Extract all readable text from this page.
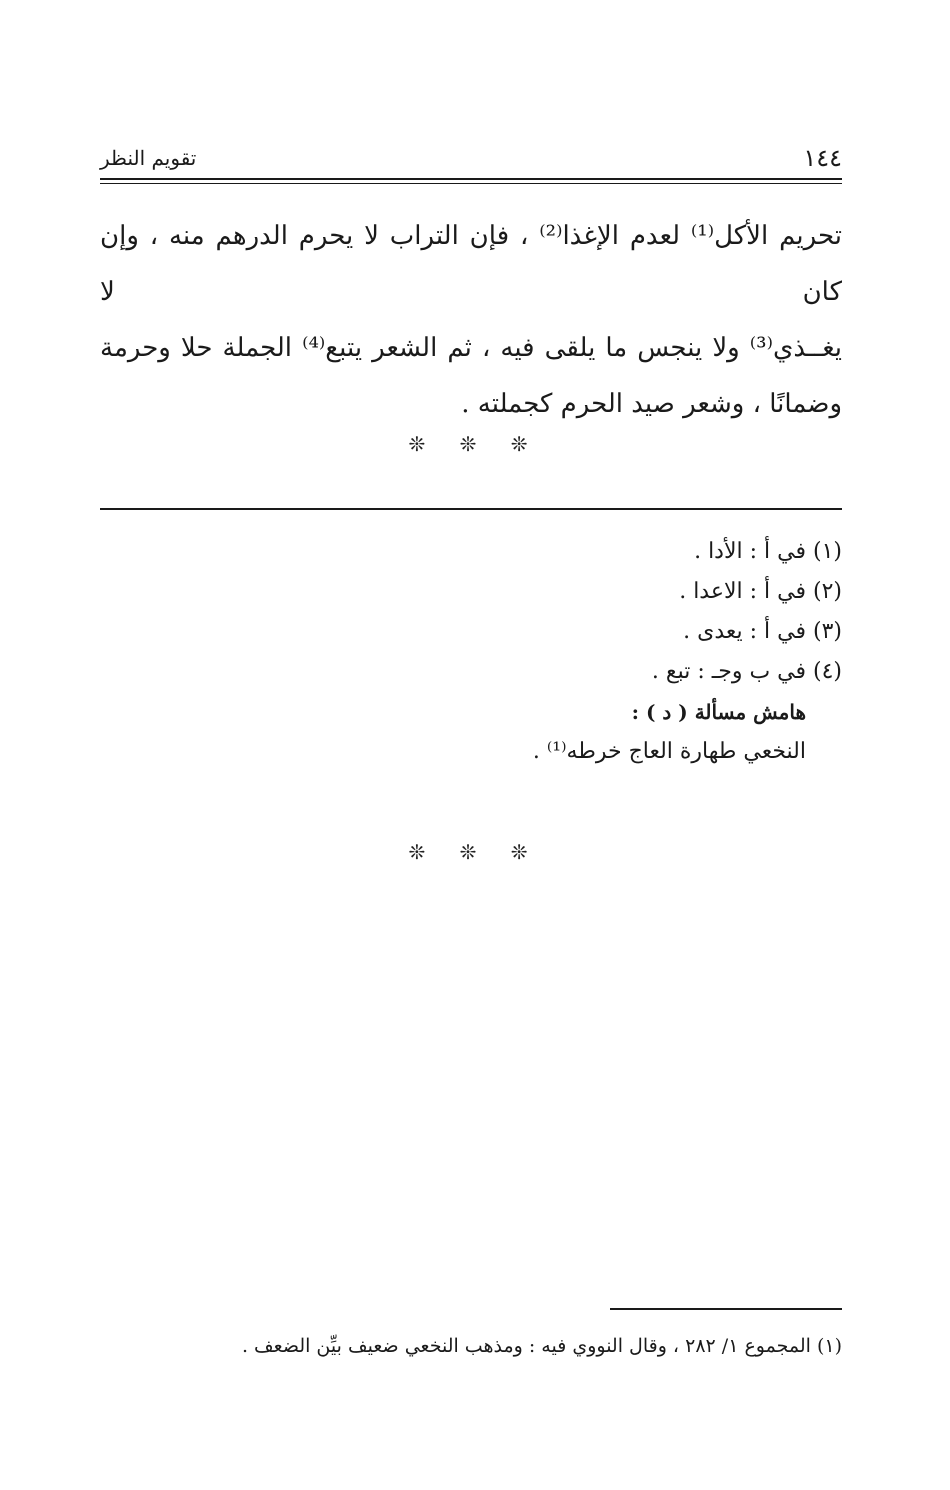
١٤٤
تقويم النظر

تحريم الأكل⁽¹⁾ لعدم الإغذا⁽²⁾ ، فإن التراب لا يحرم الدرهم منه ، وإن كان لا

يغــذي⁽³⁾ ولا ينجس ما يلقى فيه ، ثم الشعر يتبع⁽⁴⁾ الجملة حلا وحرمة

وضمانًا ، وشعر صيد الحرم كجملته .

❊ ❊ ❊
(١) في أ : الأدا .
(٢) في أ : الاعدا .
(٣) في أ : يعدى .
(٤) في ب وجـ : تبع .
هامش مسألة ( د ) :
النخعي طهارة العاج خرطه⁽¹⁾ .
❊ ❊ ❊
(١) المجموع ١/ ٢٨٢ ، وقال النووي فيه : ومذهب النخعي ضعيف بيِّن الضعف .
